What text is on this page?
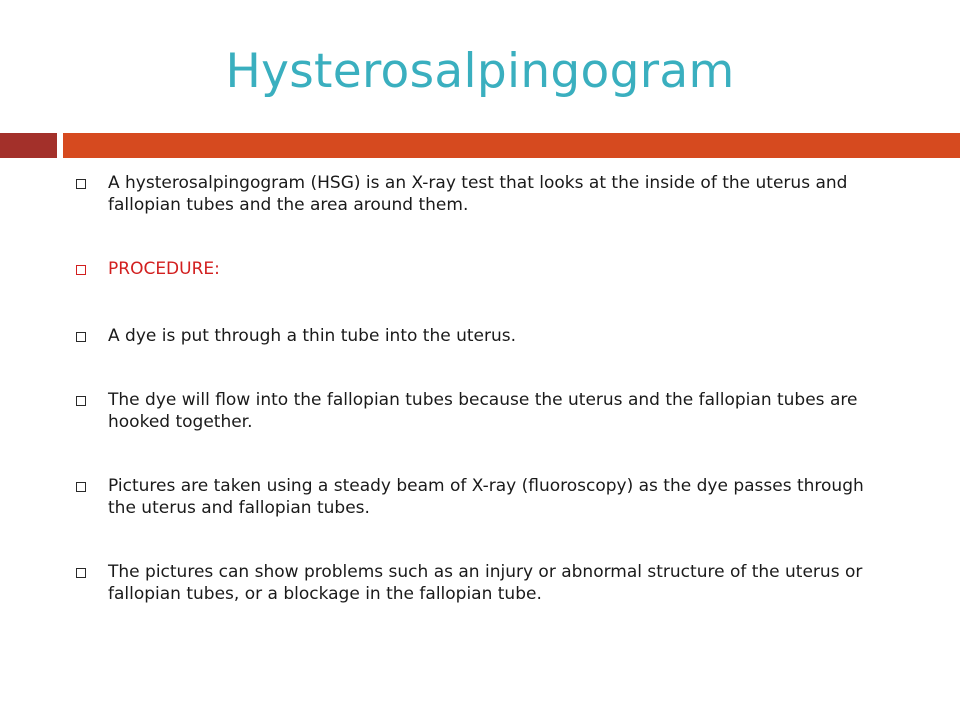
Hysterosalpingogram
A hysterosalpingogram (HSG) is an X-ray test that looks at the inside of the uterus and fallopian tubes and the area around them.
PROCEDURE:
A dye is put through a thin tube into the uterus.
The dye will flow into the fallopian tubes because the uterus and the fallopian tubes are hooked together.
Pictures are taken using a steady beam of X-ray (fluoroscopy) as the dye passes through the uterus and fallopian tubes.
The pictures can show problems such as an injury or abnormal structure of the uterus or fallopian tubes, or a blockage in the fallopian tube.
